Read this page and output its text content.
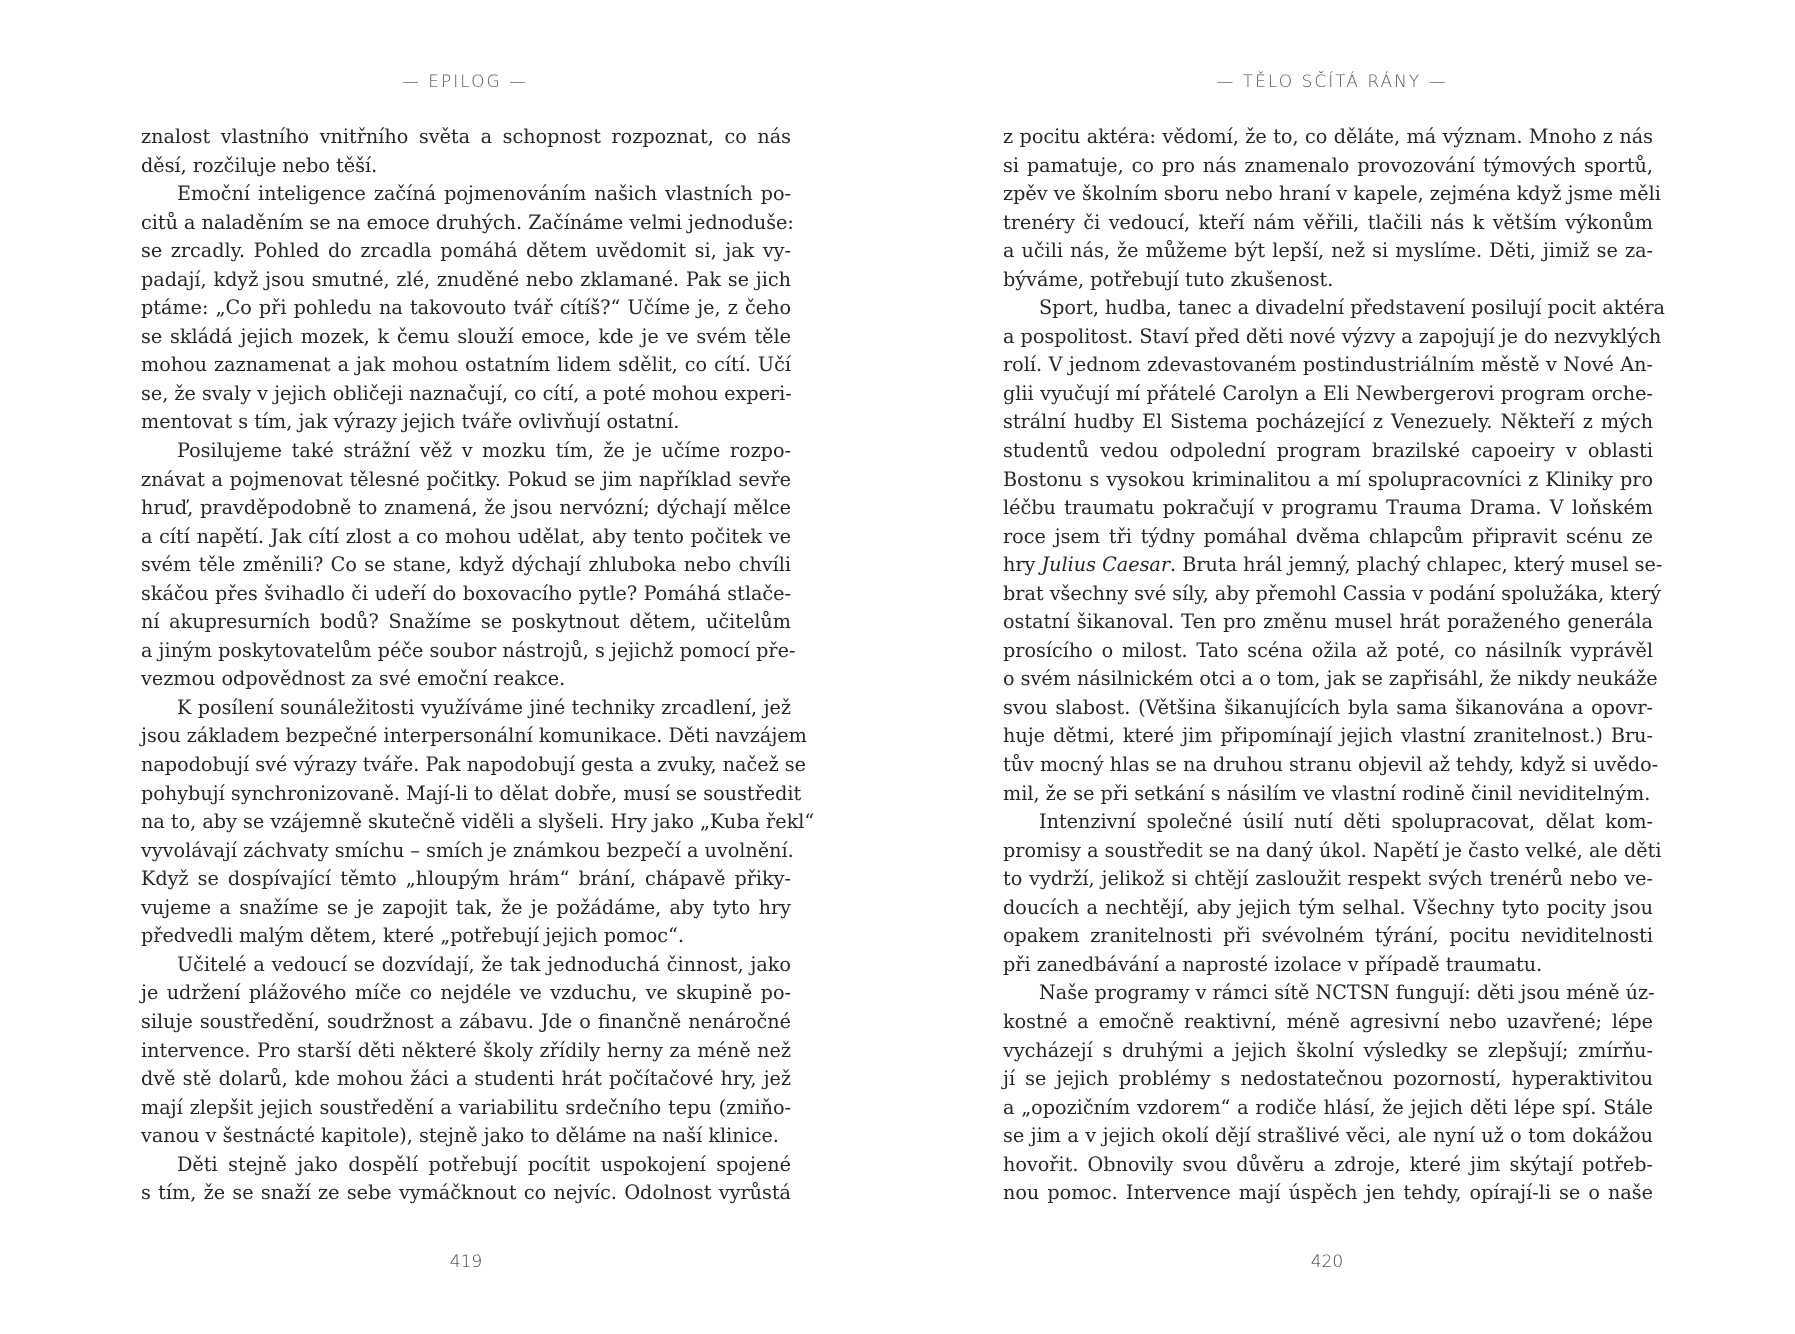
— EPILOG —
znalost vlastního vnitřního světa a schopnost rozpoznat, co nás
děsí, rozčiluje nebo těší.
Emoční inteligence začíná pojmenováním našich vlastních po-
citů a naladěním se na emoce druhých. Začínáme velmi jednoduše:
se zrcadly. Pohled do zrcadla pomáhá dětem uvědomit si, jak vy-
padají, když jsou smutné, zlé, znuděné nebo zklamané. Pak se jich
ptáme: „Co při pohledu na takovouto tvář cítíš?“ Učíme je, z čeho
se skládá jejich mozek, k čemu slouží emoce, kde je ve svém těle
mohou zaznamenat a jak mohou ostatním lidem sdělit, co cítí. Učí
se, že svaly v jejich obličeji naznačují, co cítí, a poté mohou experi-
mentovat s tím, jak výrazy jejich tváře ovlivňují ostatní.
Posilujeme také strážní věž v mozku tím, že je učíme rozpo-
znávat a pojmenovat tělesné počitky. Pokud se jim například sevře
hruď, pravděpodobně to znamená, že jsou nervózní; dýchají mělce
a cítí napětí. Jak cítí zlost a co mohou udělat, aby tento počitek ve
svém těle změnili? Co se stane, když dýchají zhluboka nebo chvíli
skáčou přes švihadlo či udeří do boxovacího pytle? Pomáhá stlače-
ní akupresurních bodů? Snažíme se poskytnout dětem, učitelům
a jiným poskytovatelům péče soubor nástrojů, s jejichž pomocí pře-
vezmou odpovědnost za své emoční reakce.
K posílení sounáležitosti využíváme jiné techniky zrcadlení, jež
jsou základem bezpečné interpersonální komunikace. Děti navzájem
napodobují své výrazy tváře. Pak napodobují gesta a zvuky, načež se
pohybují synchronizovaně. Mají-li to dělat dobře, musí se soustředit
na to, aby se vzájemně skutečně viděli a slyšeli. Hry jako „Kuba řekl“
vyvolávají záchvaty smíchu – smích je známkou bezpečí a uvolnění.
Když se dospívající těmto „hloupým hrám“ brání, chápavě přiky-
vujeme a snažíme se je zapojit tak, že je požádáme, aby tyto hry
předvedli malým dětem, které „potřebují jejich pomoc“.
Učitelé a vedoucí se dozvídají, že tak jednoduchá činnost, jako
je udržení plážového míče co nejdéle ve vzduchu, ve skupině po-
siluje soustředění, soudržnost a zábavu. Jde o finančně nenáročné
intervence. Pro starší děti některé školy zřídily herny za méně než
dvě stě dolarů, kde mohou žáci a studenti hrát počítačové hry, jež
mají zlepšit jejich soustředění a variabilitu srdečního tepu (zmiňo-
vanou v šestnácté kapitole), stejně jako to děláme na naší klinice.
Děti stejně jako dospělí potřebují pocítit uspokojení spojené
s tím, že se snaží ze sebe vymáčknout co nejvíc. Odolnost vyrůstá
419
— TĚLO SČÍTÁ RÁNY —
z pocitu aktéra: vědomí, že to, co děláte, má význam. Mnoho z nás
si pamatuje, co pro nás znamenalo provozování týmových sportů,
zpěv ve školním sboru nebo hraní v kapele, zejména když jsme měli
trenéry či vedoucí, kteří nám věřili, tlačili nás k větším výkonům
a učili nás, že můžeme být lepší, než si myslíme. Děti, jimiž se za-
býváme, potřebují tuto zkušenost.
Sport, hudba, tanec a divadelní představení posilují pocit aktéra
a pospolitost. Staví před děti nové výzvy a zapojují je do nezvyklých
rolí. V jednom zdevastovaném postindustriálním městě v Nové An-
glii vyučují mí přátelé Carolyn a Eli Newbergerovi program orche-
strální hudby El Sistema pocházející z Venezuely. Někteří z mých
studentů vedou odpolední program brazilské capoeiry v oblasti
Bostonu s vysokou kriminalitou a mí spolupracovníci z Kliniky pro
léčbu traumatu pokračují v programu Trauma Drama. V loňském
roce jsem tři týdny pomáhal dvěma chlapcům připravit scénu ze
hry Julius Caesar. Bruta hrál jemný, plachý chlapec, který musel se-
brat všechny své síly, aby přemohl Cassia v podání spolužáka, který
ostatní šikanoval. Ten pro změnu musel hrát poraženého generála
prosícího o milost. Tato scéna ožila až poté, co násilník vyprávěl
o svém násilnickém otci a o tom, jak se zapřisáhl, že nikdy neukáže
svou slabost. (Většina šikanujících byla sama šikanována a opovr-
huje dětmi, které jim připomínají jejich vlastní zranitelnost.) Bru-
tův mocný hlas se na druhou stranu objevil až tehdy, když si uvědo-
mil, že se při setkání s násilím ve vlastní rodině činil neviditelným.
Intenzivní společné úsilí nutí děti spolupracovat, dělat kom-
promisy a soustředit se na daný úkol. Napětí je často velké, ale děti
to vydrží, jelikož si chtějí zasloužit respekt svých trenérů nebo ve-
doucích a nechtějí, aby jejich tým selhal. Všechny tyto pocity jsou
opakem zranitelnosti při svévolném týrání, pocitu neviditelnosti
při zanedbávání a naprosté izolace v případě traumatu.
Naše programy v rámci sítě NCTSN fungují: děti jsou méně úz-
kostné a emočně reaktivní, méně agresivní nebo uzavřené; lépe
vycházejí s druhými a jejich školní výsledky se zlepšují; zmírňu-
jí se jejich problémy s nedostatečnou pozorností, hyperaktivitou
a „opozičním vzdorem“ a rodiče hlásí, že jejich děti lépe spí. Stále
se jim a v jejich okolí dějí strašlivé věci, ale nyní už o tom dokážou
hovořit. Obnovily svou důvěru a zdroje, které jim skýtají potřeb-
nou pomoc. Intervence mají úspěch jen tehdy, opírají-li se o naše
420
